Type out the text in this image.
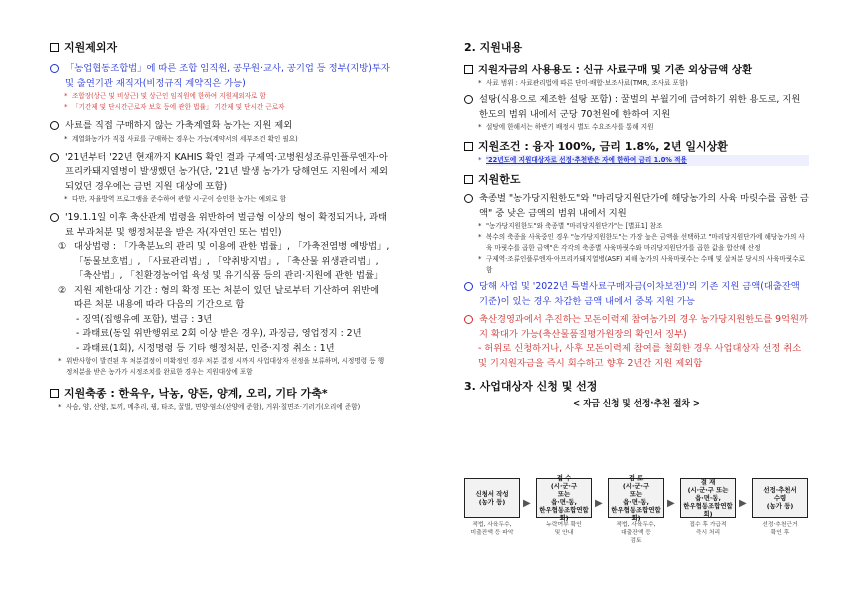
지원제외자
「농업협동조합법」에 따른 조합 임직원, 공무원·교사, 공기업 등 정부(지방)투자 및 출연기관 재직자(비정규직 계약직은 가능)
* 조합장(상근 및 비상근) 및 상근인 임직원에 한하여 지원제외자로 함
* 「기간제 및 단시간근로자 보호 등에 관한 법률」 기간제 및 단시간 근로자
사료를 직접 구매하지 않는 가축계열화 농가는 지원 제외
* 계열화농가가 직접 사료를 구매하는 경우는 가능(계약서의 세부조건 확인 필요)
'21년부터 '22년 현재까지 KAHIS 확인 결과 구제역·고병원성조류인플루엔자·아프리카돼지열병이 발생했던 농가(단, '21년 발생 농가가 당해연도 지원에서 제외되었던 경우에는 금번 지원 대상에 포함)
* 다만, 자율방역 프로그램을 준수하여 관할 시·군이 승인한 농가는 예외로 함
'19.1.1일 이후 축산관계 법령을 위반하여 벌금형 이상의 형이 확정되거나, 과태료 부과처분 및 행정처분을 받은 자(자연인 또는 법인)
① 대상법령 : 「가축분뇨의 관리 및 이용에 관한 법률」, 「가축전염병 예방법」, 「동물보호법」, 「사료관리법」, 「약취방지법」, 「축산물 위생관리법」, 「축산법」, 「친환경농어업 육성 및 유기식품 등의 관리·지원에 관한 법률」
② 지원 제한대상 기간 : 형의 확정 또는 처분이 있던 날로부터 기산하여 위반에 따른 처분 내용에 따라 다음의 기간으로 함
- 징역(집행유예 포함), 벌금 : 3년
- 과태료(동일 위반행위로 2회 이상 받은 경우), 과징금, 영업정지 : 2년
- 과태료(1회), 시정명령 등 기타 행정처분, 인증·지정 취소 : 1년
* 위반사항이 발견된 후 처분결정이 미확정인 경우 처분 결정 시까지 사업대상자 선정을 보류하며, 시정명령 등 행정처분을 받은 농가가 시정조치를 완료한 경우는 지원대상에 포함
지원축종 : 한육우, 낙농, 양돈, 양계, 오리, 기타 가축*
* 사슴, 양, 산양, 토끼, 메추리, 꿩, 타조, 꿀벌, 면양·염소(산양에 준함), 거위·칠면조·기러기(오리에 준함)
2. 지원내용
지원자금의 사용용도 : 신규 사료구매 및 기존 외상금액 상환
* 사료 범위 : 사료관리법에 따른 단미·배합·보조사료(TMR, 조사료 포함)
설탕(식용으로 제조한 설탕 포함) : 꿀벌의 부월기에 급여하기 위한 용도로, 지원한도의 범위 내에서 군당 70천원에 한하여 지원
* 설탕에 한해서는 하반기 배정시 별도 수요조사를 통해 지원
지원조건 : 융자 100%, 금리 1.8%, 2년 일시상환
* '22년도에 지원대상자로 선정·추천받은 자에 한하여 금리 1.0% 적용
지원한도
축종별 "농가당지원한도"와 "마리당지원단가에 해당농가의 사육 마릿수를 곱한 금액" 중 낮은 금액의 범위 내에서 지원
* "농가당지원한도"와 축종별 "마리당지원단가"는 [별표1] 참조
* 복수의 축종을 사육중인 경우 "농가당지원한도"는 가장 높은 금액을 선택하고 "마리당지원단가에 해당농가의 사육 마릿수를 곱한 금액"은 각각의 축종별 사육마릿수와 마리당지원단가를 곱한 값을 합산해 산정
* 구제역·조류인플루엔자·아프리카돼지열병(ASF) 피해 농가의 사육마릿수는 수매 및 살처분 당시의 사육마릿수로 함
당해 사업 및 '2022년 특별사료구매자금(이차보전)'의 기존 지원 금액(대출잔액 기준)이 있는 경우 차감한 금액 내에서 중복 지원 가능
축산경영과에서 추진하는 모돈이력제 참여농가의 경우 농가당지원한도를 9억원까지 확대가 가능(축산물품질평가원장의 확인서 징부)
- 허위로 신청하거나, 사후 모돈이력제 참여를 철회한 경우 사업대상자 선정 취소 및 기지원자금을 즉시 회수하고 향후 2년간 지원 제외함
3. 사업대상자 신청 및 선정
< 자금 신청 및 선정·추천 절차 >
신청서 작성
(농가 등)
적법, 사육두수,
미출잔액 등 파악
▶
접 수
(시·군·구
또는
읍·면·동,
한우협동조합연합회)
누락여부 확인
및 안내
▶
검 토
(시·군·구
또는
읍·면·동,
한우협동조합연합회)
적법, 사육두수,
대출잔액 등
검토
▶
결 재
(시·군·구 또는
읍·면·동,
한우협동조합연합회)
접수 후 가급적
즉시 처리
▶
선정·추천서
수령
(농가 등)
선정·추천근거
확인 후
